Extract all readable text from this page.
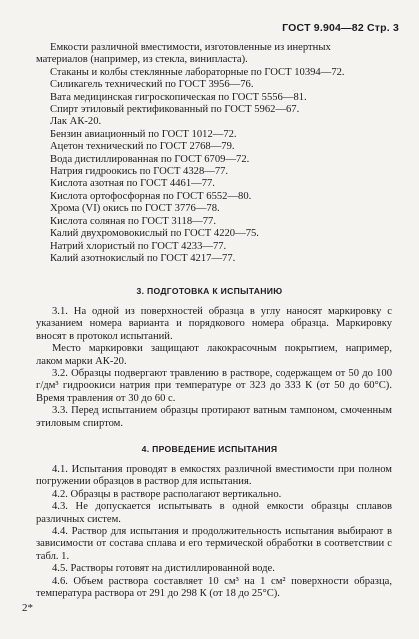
ГОСТ 9.904—82 Стр. 3
Емкости различной вместимости, изготовленные из инертных
материалов (например, из стекла, винипласта).
Стаканы и колбы стеклянные лабораторные по ГОСТ 10394—72.
Силикагель технический по ГОСТ 3956—76.
Вата медицинская гигроскопическая по ГОСТ 5556—81.
Спирт этиловый ректификованный по ГОСТ 5962—67.
Лак АК-20.
Бензин авиационный по ГОСТ 1012—72.
Ацетон технический по ГОСТ 2768—79.
Вода дистиллированная по ГОСТ 6709—72.
Натрия гидроокись по ГОСТ 4328—77.
Кислота азотная по ГОСТ 4461—77.
Кислота ортофосфорная по ГОСТ 6552—80.
Хрома (VI) окись по ГОСТ 3776—78.
Кислота соляная по ГОСТ 3118—77.
Калий двухромовокислый по ГОСТ 4220—75.
Натрий хлористый по ГОСТ 4233—77.
Калий азотнокислый по ГОСТ 4217—77.
3. ПОДГОТОВКА К ИСПЫТАНИЮ
3.1. На одной из поверхностей образца в углу наносят маркировку с указанием номера варианта и порядкового номера образца. Маркировку вносят в протокол испытаний.
Место маркировки защищают лакокрасочным покрытием, например, лаком марки АК-20.
3.2. Образцы подвергают травлению в растворе, содержащем от 50 до 100 г/дм³ гидроокиси натрия при температуре от 323 до 333 К (от 50 до 60°С). Время травления от 30 до 60 с.
3.3. Перед испытанием образцы протирают ватным тампоном, смоченным этиловым спиртом.
4. ПРОВЕДЕНИЕ ИСПЫТАНИЯ
4.1. Испытания проводят в емкостях различной вместимости при полном погружении образцов в раствор для испытания.
4.2. Образцы в растворе располагают вертикально.
4.3. Не допускается испытывать в одной емкости образцы сплавов различных систем.
4.4. Раствор для испытания и продолжительность испытания выбирают в зависимости от состава сплава и его термической обработки в соответствии с табл. 1.
4.5. Растворы готовят на дистиллированной воде.
4.6. Объем раствора составляет 10 см³ на 1 см² поверхности образца, температура раствора от 291 до 298 К (от 18 до 25°С).
2*
